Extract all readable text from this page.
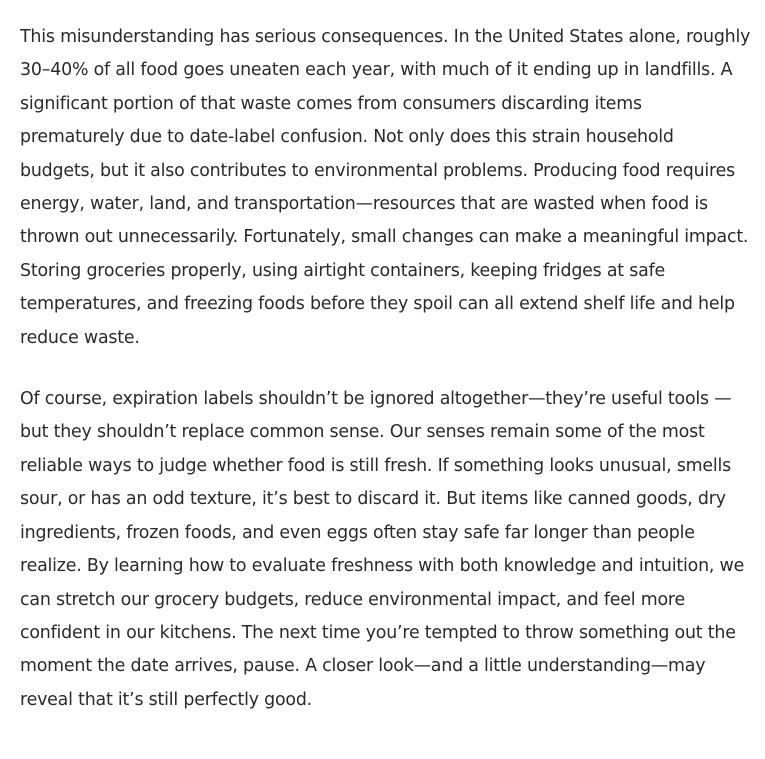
This misunderstanding has serious consequences. In the United States alone, roughly 30–40% of all food goes uneaten each year, with much of it ending up in landfills. A significant portion of that waste comes from consumers discarding items prematurely due to date-label confusion. Not only does this strain household budgets, but it also contributes to environmental problems. Producing food requires energy, water, land, and transportation—resources that are wasted when food is thrown out unnecessarily. Fortunately, small changes can make a meaningful impact. Storing groceries properly, using airtight containers, keeping fridges at safe temperatures, and freezing foods before they spoil can all extend shelf life and help reduce waste.

Of course, expiration labels shouldn’t be ignored altogether—they’re useful tools —but they shouldn’t replace common sense. Our senses remain some of the most reliable ways to judge whether food is still fresh. If something looks unusual, smells sour, or has an odd texture, it’s best to discard it. But items like canned goods, dry ingredients, frozen foods, and even eggs often stay safe far longer than people realize. By learning how to evaluate freshness with both knowledge and intuition, we can stretch our grocery budgets, reduce environmental impact, and feel more confident in our kitchens. The next time you’re tempted to throw something out the moment the date arrives, pause. A closer look—and a little understanding—may reveal that it’s still perfectly good.
